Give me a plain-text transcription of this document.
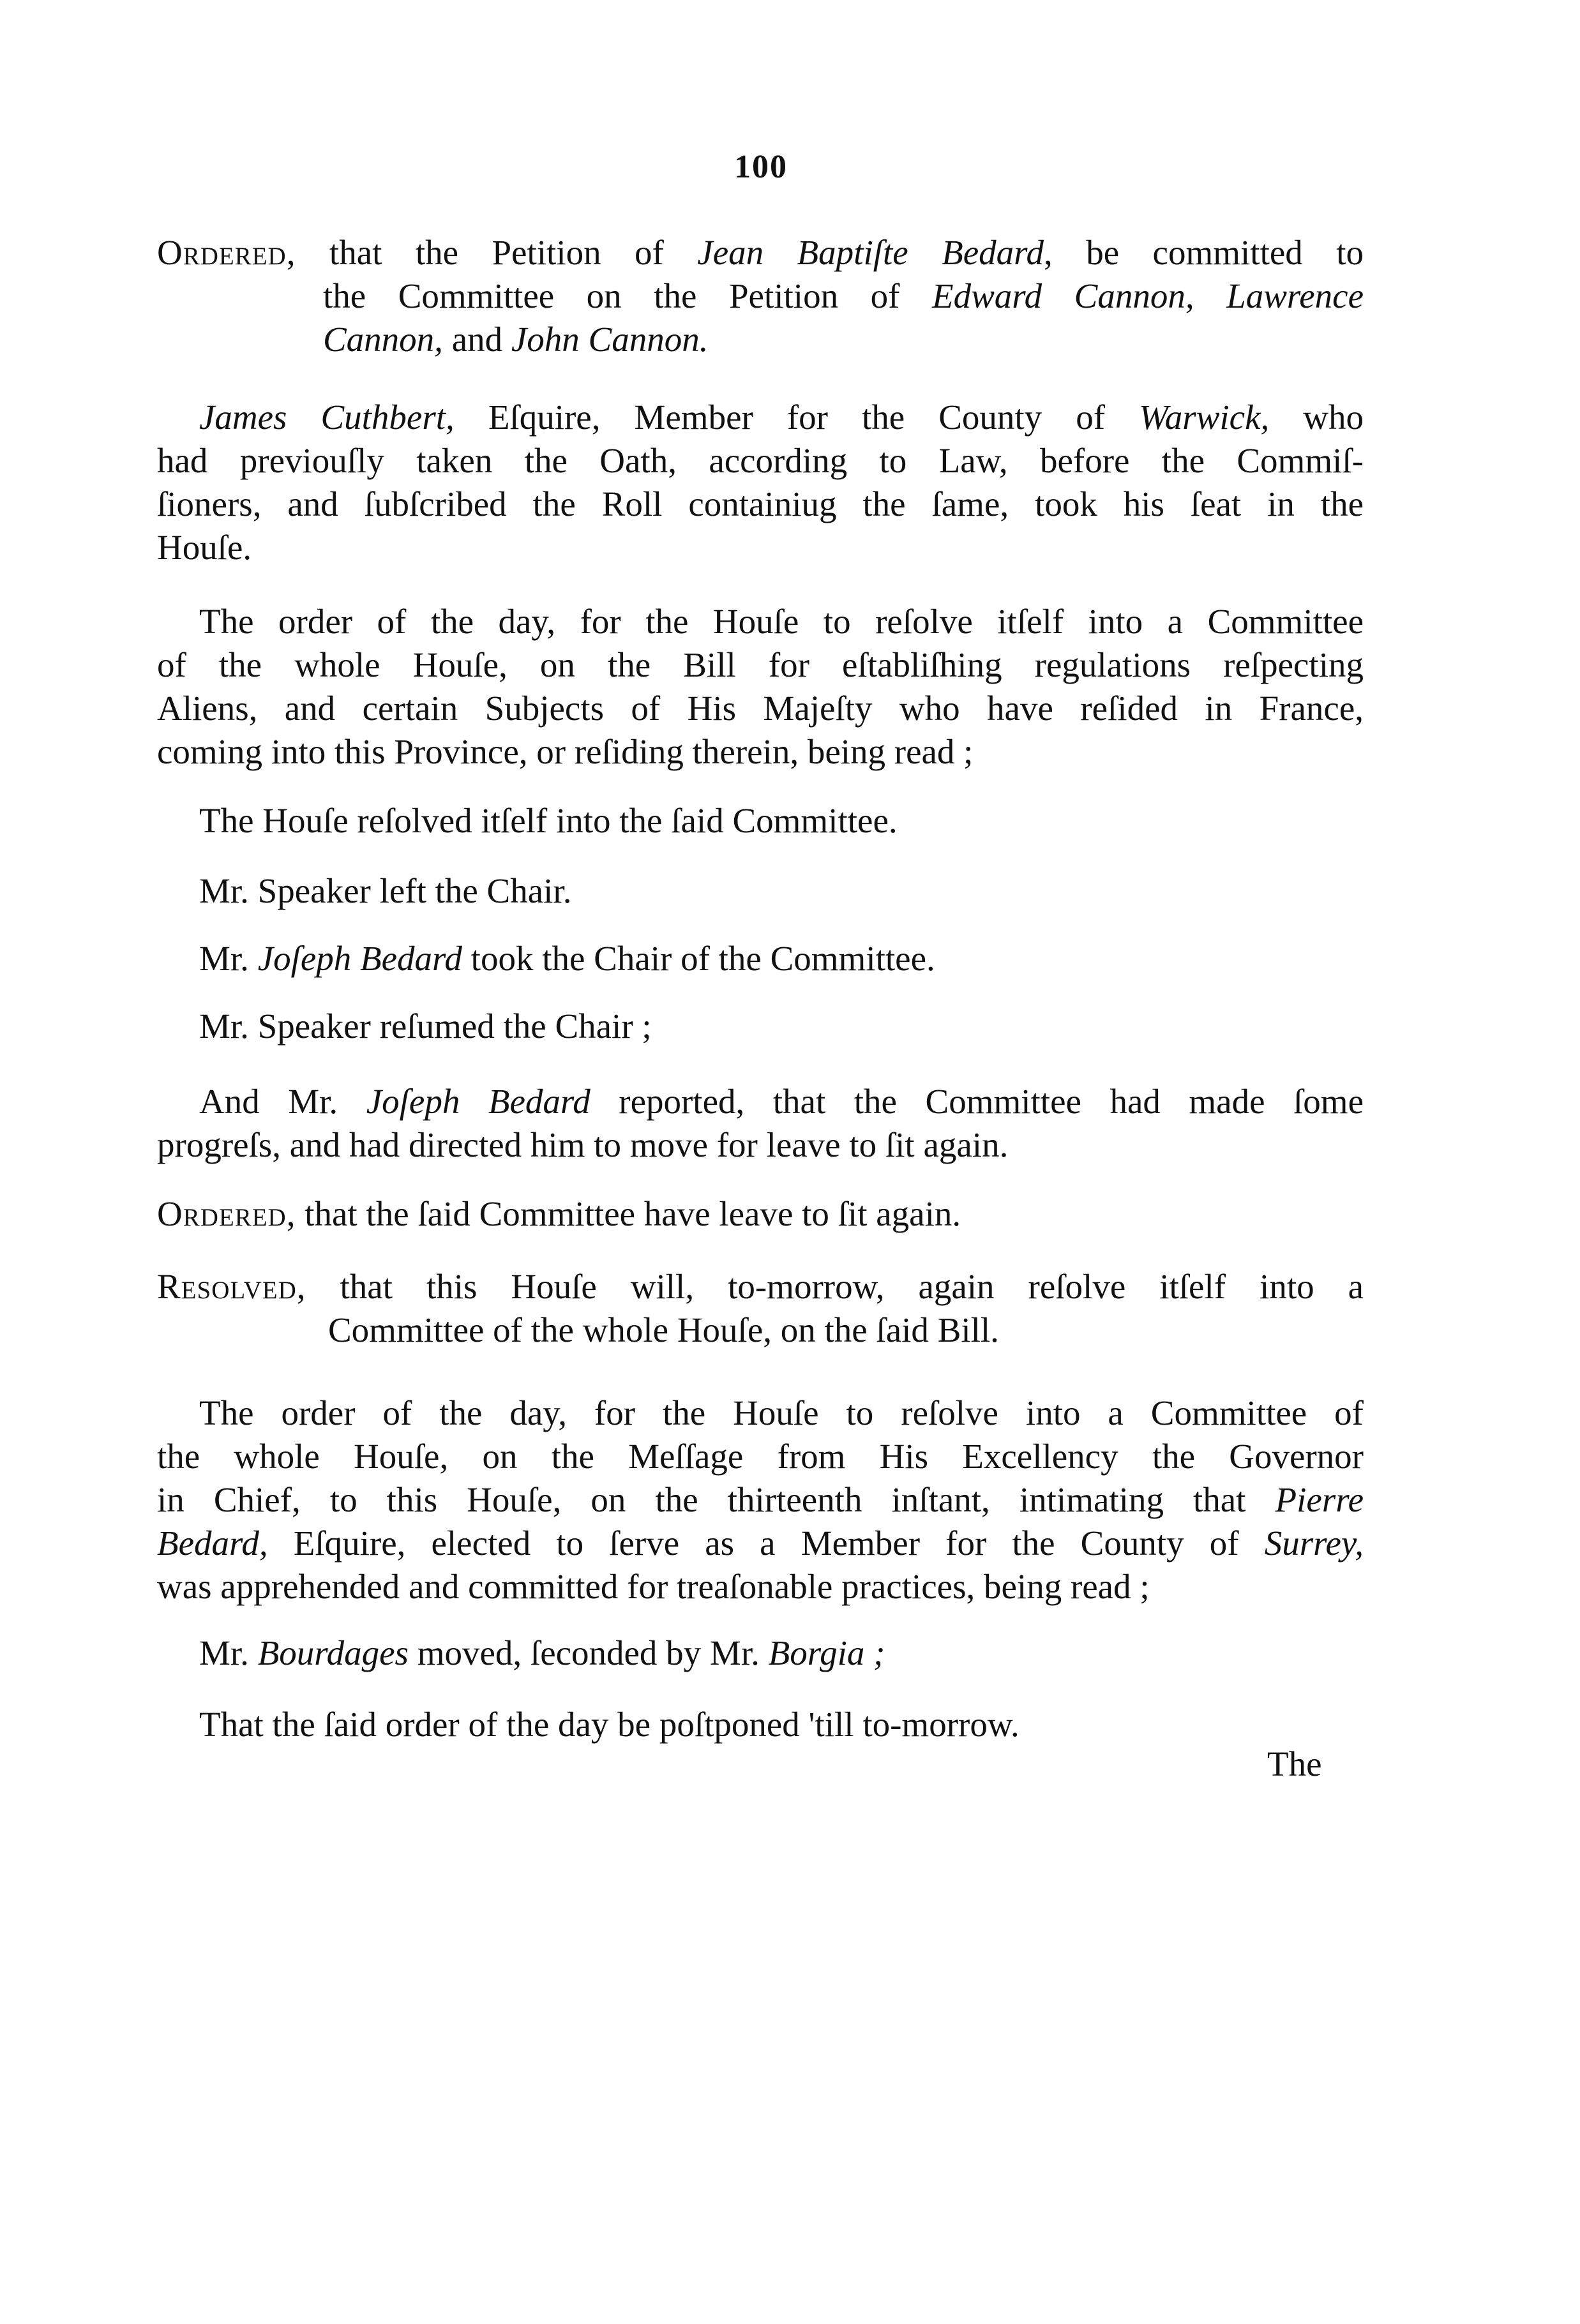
100
Ordered, that the Petition of Jean Baptiſte Bedard, be committed to
the Committee on the Petition of Edward Cannon, Lawrence
Cannon, and John Cannon.
James Cuthbert, Eſquire, Member for the County of Warwick, who
had previouſly taken the Oath, according to Law, before the Commiſ-
ſioners, and ſubſcribed the Roll containiug the ſame, took his ſeat in the
Houſe.
The order of the day, for the Houſe to reſolve itſelf into a Committee
of the whole Houſe, on the Bill for eſtabliſhing regulations reſpecting
Aliens, and certain Subjects of His Majeſty who have reſided in France,
coming into this Province, or reſiding therein, being read ;
The Houſe reſolved itſelf into the ſaid Committee.
Mr. Speaker left the Chair.
Mr. Joſeph Bedard took the Chair of the Committee.
Mr. Speaker reſumed the Chair ;
And Mr. Joſeph Bedard reported, that the Committee had made ſome
progreſs, and had directed him to move for leave to ſit again.
Ordered, that the ſaid Committee have leave to ſit again.
Resolved, that this Houſe will, to-morrow, again reſolve itſelf into a
Committee of the whole Houſe, on the ſaid Bill.
The order of the day, for the Houſe to reſolve into a Committee of
the whole Houſe, on the Meſſage from His Excellency the Governor
in Chief, to this Houſe, on the thirteenth inſtant, intimating that Pierre
Bedard, Eſquire, elected to ſerve as a Member for the County of Surrey,
was apprehended and committed for treaſonable practices, being read ;
Mr. Bourdages moved, ſeconded by Mr. Borgia ;
That the ſaid order of the day be poſtponed 'till to-morrow.
The
